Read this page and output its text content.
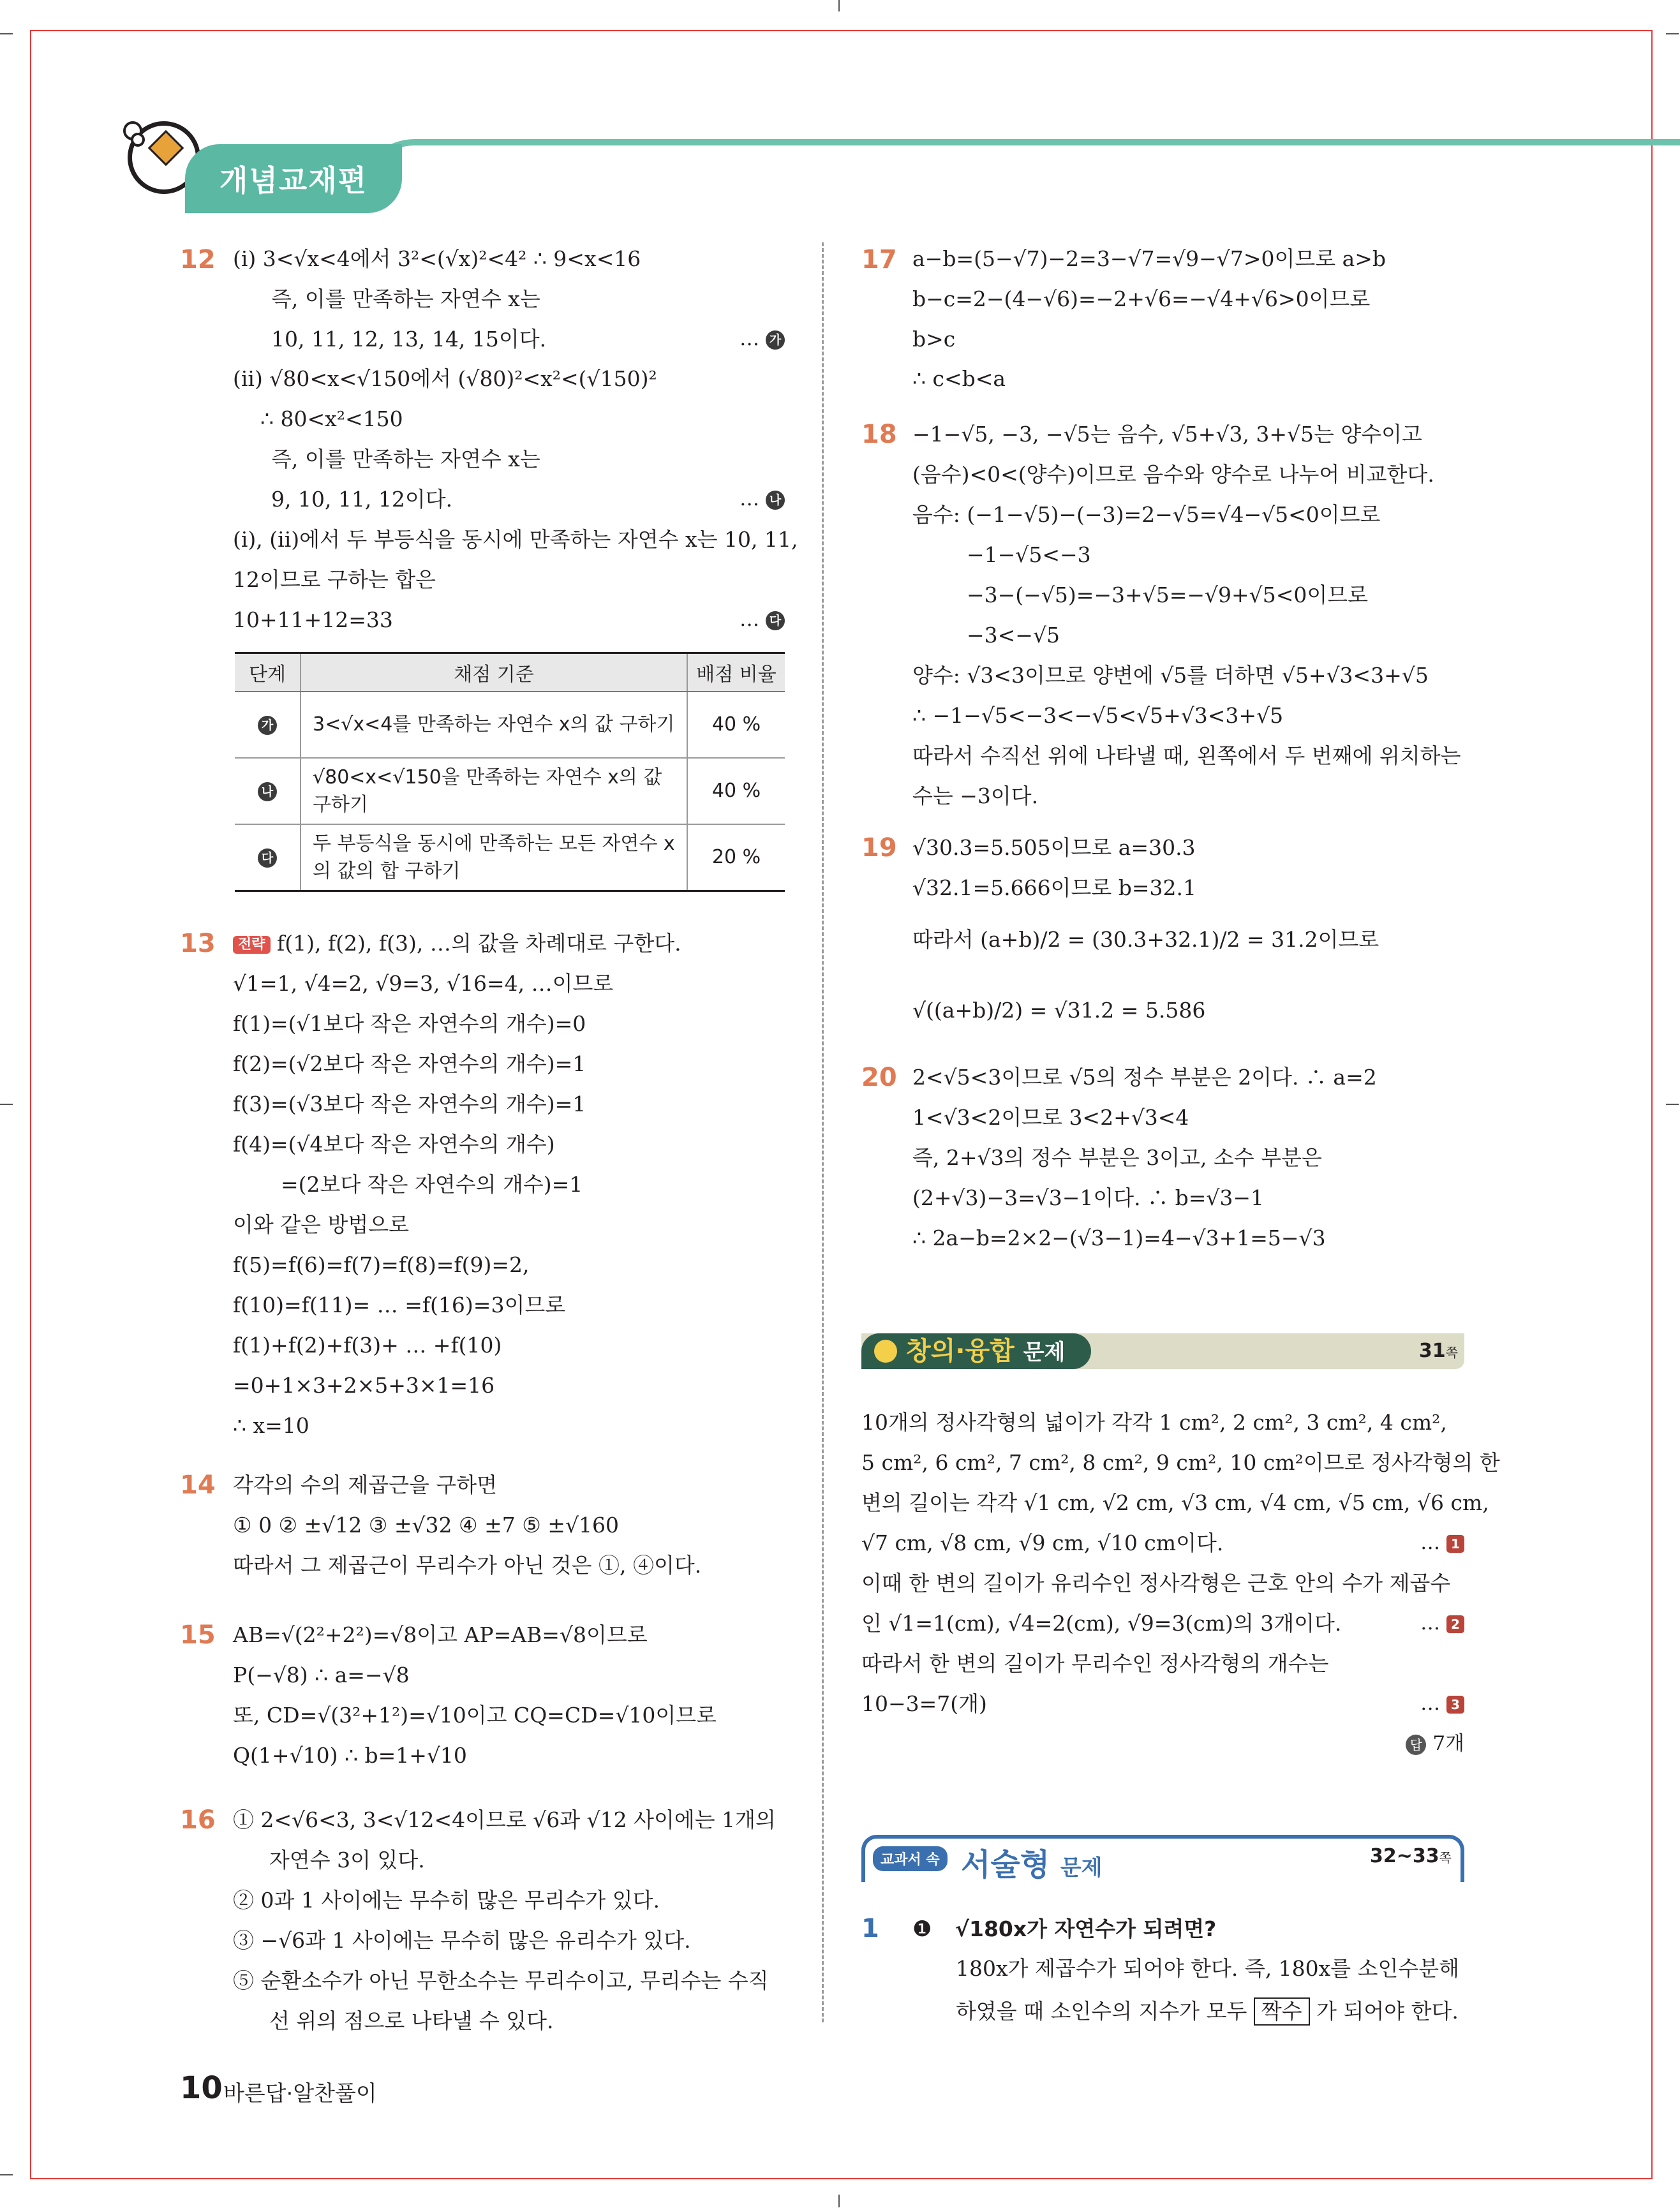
개념교재편
12 (i) 3<√x<4에서 3²<(√x)²<4² ∴ 9<x<16
즉, 이를 만족하는 자연수 x는
10, 11, 12, 13, 14, 15이다.	… 가
(ii) √80<x<√150에서 (√80)²<x²<(√150)²
∴ 80<x²<150
즉, 이를 만족하는 자연수 x는
9, 10, 11, 12이다.	… 나
(i), (ii)에서 두 부등식을 동시에 만족하는 자연수 x는 10, 11,
12이므로 구하는 합은
10+11+12=33	… 다
단계	채점 기준	배점 비율
가	3<√x<4를 만족하는 자연수 x의 값 구하기	40 %
나	√80<x<√150을 만족하는 자연수 x의 값 구하기	40 %
다	두 부등식을 동시에 만족하는 모든 자연수 x의 값의 합 구하기	20 %
13	전략 f(1), f(2), f(3), …의 값을 차례대로 구한다.
√1=1, √4=2, √9=3, √16=4, …이므로
f(1)=(√1보다 작은 자연수의 개수)=0
f(2)=(√2보다 작은 자연수의 개수)=1
f(3)=(√3보다 작은 자연수의 개수)=1
f(4)=(√4보다 작은 자연수의 개수)
=(2보다 작은 자연수의 개수)=1
이와 같은 방법으로
f(5)=f(6)=f(7)=f(8)=f(9)=2,
f(10)=f(11)= … =f(16)=3이므로
f(1)+f(2)+f(3)+ … +f(10)
=0+1×3+2×5+3×1=16
∴ x=10
14 각각의 수의 제곱근을 구하면
① 0 ② ±√12 ③ ±√32 ④ ±7 ⑤ ±√160
따라서 그 제곱근이 무리수가 아닌 것은 ①, ④이다.
15 AB=√(2²+2²)=√8이고 AP=AB=√8이므로
P(−√8) ∴ a=−√8
또, CD=√(3²+1²)=√10이고 CQ=CD=√10이므로
Q(1+√10) ∴ b=1+√10
16 ① 2<√6<3, 3<√12<4이므로 √6과 √12 사이에는 1개의
자연수 3이 있다.
② 0과 1 사이에는 무수히 많은 무리수가 있다.
③ −√6과 1 사이에는 무수히 많은 유리수가 있다.
⑤ 순환소수가 아닌 무한소수는 무리수이고, 무리수는 수직
선 위의 점으로 나타낼 수 있다.
17 a−b=(5−√7)−2=3−√7=√9−√7>0이므로 a>b
b−c=2−(4−√6)=−2+√6=−√4+√6>0이므로
b>c
∴ c<b<a
18 −1−√5, −3, −√5는 음수, √5+√3, 3+√5는 양수이고
(음수)<0<(양수)이므로 음수와 양수로 나누어 비교한다.
음수: (−1−√5)−(−3)=2−√5=√4−√5<0이므로
−1−√5<−3
−3−(−√5)=−3+√5=−√9+√5<0이므로
−3<−√5
양수: √3<3이므로 양변에 √5를 더하면 √5+√3<3+√5
∴ −1−√5<−3<−√5<√5+√3<3+√5
따라서 수직선 위에 나타낼 때, 왼쪽에서 두 번째에 위치하는
수는 −3이다.
19 √30.3=5.505이므로 a=30.3
√32.1=5.666이므로 b=32.1
따라서 (a+b)/2 = (30.3+32.1)/2 = 31.2이므로
√((a+b)/2) = √31.2 = 5.586
20 2<√5<3이므로 √5의 정수 부분은 2이다. ∴ a=2
1<√3<2이므로 3<2+√3<4
즉, 2+√3의 정수 부분은 3이고, 소수 부분은
(2+√3)−3=√3−1이다. ∴ b=√3−1
∴ 2a−b=2×2−(√3−1)=4−√3+1=5−√3
창의·융합 문제	31쪽
10개의 정사각형의 넓이가 각각 1 cm², 2 cm², 3 cm², 4 cm²,
5 cm², 6 cm², 7 cm², 8 cm², 9 cm², 10 cm²이므로 정사각형의 한
변의 길이는 각각 √1 cm, √2 cm, √3 cm, √4 cm, √5 cm, √6 cm,
√7 cm, √8 cm, √9 cm, √10 cm이다.	… 1
이때 한 변의 길이가 유리수인 정사각형은 근호 안의 수가 제곱수
인 √1=1(cm), √4=2(cm), √9=3(cm)의 3개이다.	… 2
따라서 한 변의 길이가 무리수인 정사각형의 개수는
10−3=7(개)	… 3
답 7개
교과서 속 서술형 문제	32~33쪽
1 ❶ √180x가 자연수가 되려면?
180x가 제곱수가 되어야 한다. 즉, 180x를 소인수분해
하였을 때 소인수의 지수가 모두 짝수 가 되어야 한다.
10 바른답·알찬풀이
